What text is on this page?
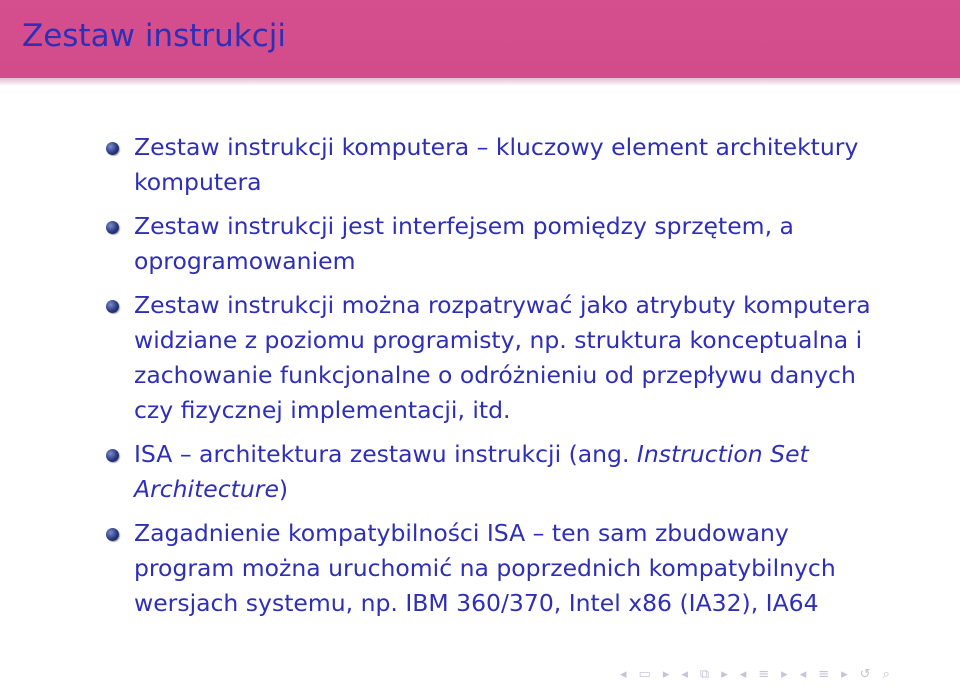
Zestaw instrukcji
Zestaw instrukcji komputera – kluczowy element architektury
komputera
Zestaw instrukcji jest interfejsem pomiędzy sprzętem, a
oprogramowaniem
Zestaw instrukcji można rozpatrywać jako atrybuty komputera
widziane z poziomu programisty, np. struktura konceptualna i
zachowanie funkcjonalne o odróżnieniu od przepływu danych
czy fizycznej implementacji, itd.
ISA – architektura zestawu instrukcji (ang. Instruction Set
Architecture)
Zagadnienie kompatybilności ISA – ten sam zbudowany
program można uruchomić na poprzednich kompatybilnych
wersjach systemu, np. IBM 360/370, Intel x86 (IA32), IA64
◂ ▭ ▸ ◂ ⧉ ▸ ◂ ≡ ▸ ◂ ≡ ▸ ↺ ⌕
